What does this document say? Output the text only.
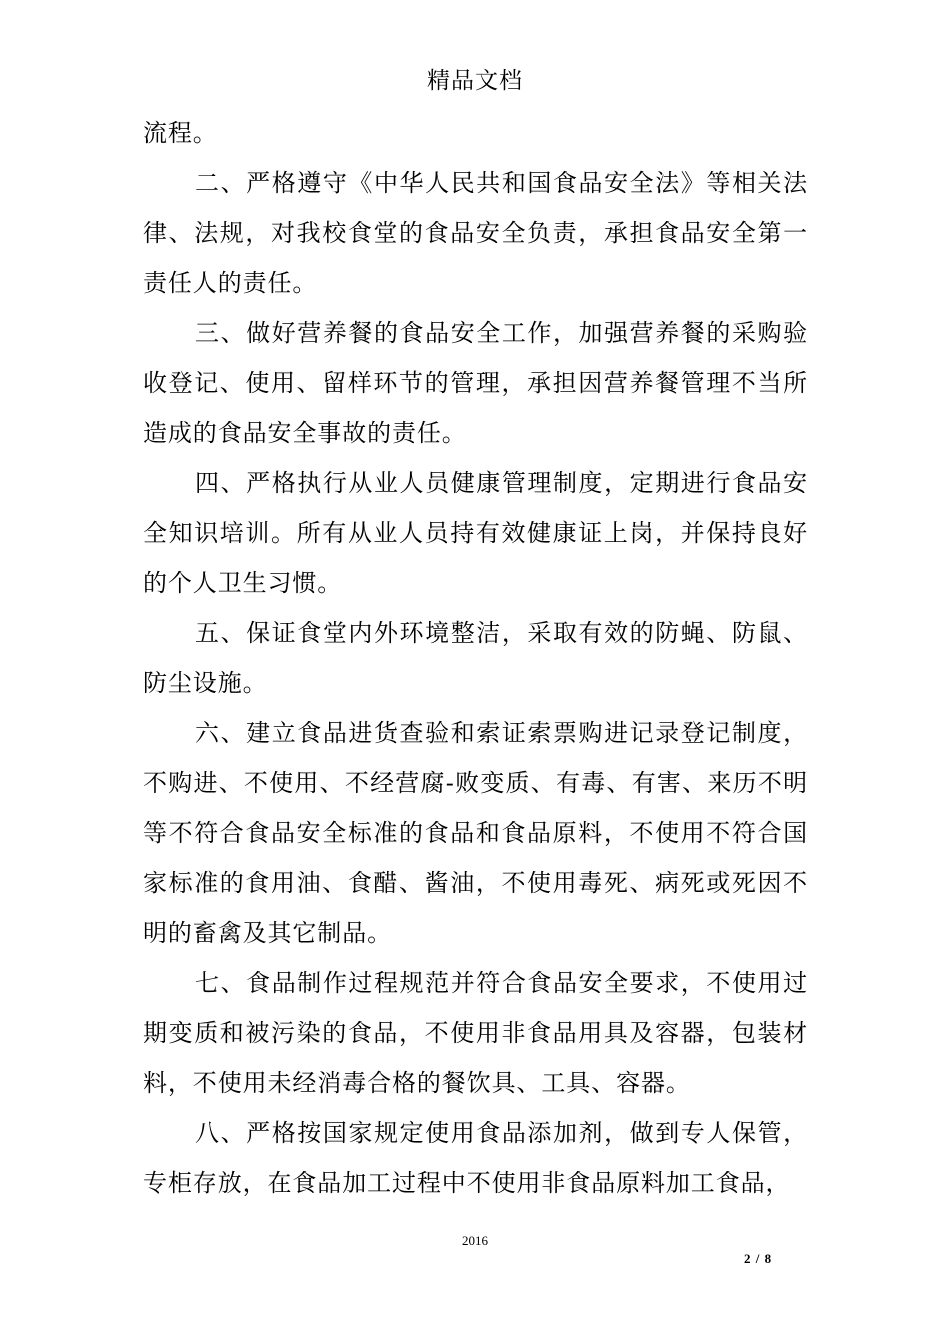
精品文档

流程。

二、严格遵守《中华人民共和国食品安全法》等相关法律、法规，对我校食堂的食品安全负责，承担食品安全第一责任人的责任。

三、做好营养餐的食品安全工作，加强营养餐的采购验收登记、使用、留样环节的管理，承担因营养餐管理不当所造成的食品安全事故的责任。

四、严格执行从业人员健康管理制度，定期进行食品安全知识培训。所有从业人员持有效健康证上岗，并保持良好的个人卫生习惯。

五、保证食堂内外环境整洁，采取有效的防蝇、防鼠、防尘设施。

六、建立食品进货查验和索证索票购进记录登记制度，不购进、不使用、不经营腐-败变质、有毒、有害、来历不明等不符合食品安全标准的食品和食品原料，不使用不符合国家标准的食用油、食醋、酱油，不使用毒死、病死或死因不明的畜禽及其它制品。

七、食品制作过程规范并符合食品安全要求，不使用过期变质和被污染的食品，不使用非食品用具及容器，包装材料，不使用未经消毒合格的餐饮具、工具、容器。

八、严格按国家规定使用食品添加剂，做到专人保管，专柜存放，在食品加工过程中不使用非食品原料加工食品，

2016
2 / 8
